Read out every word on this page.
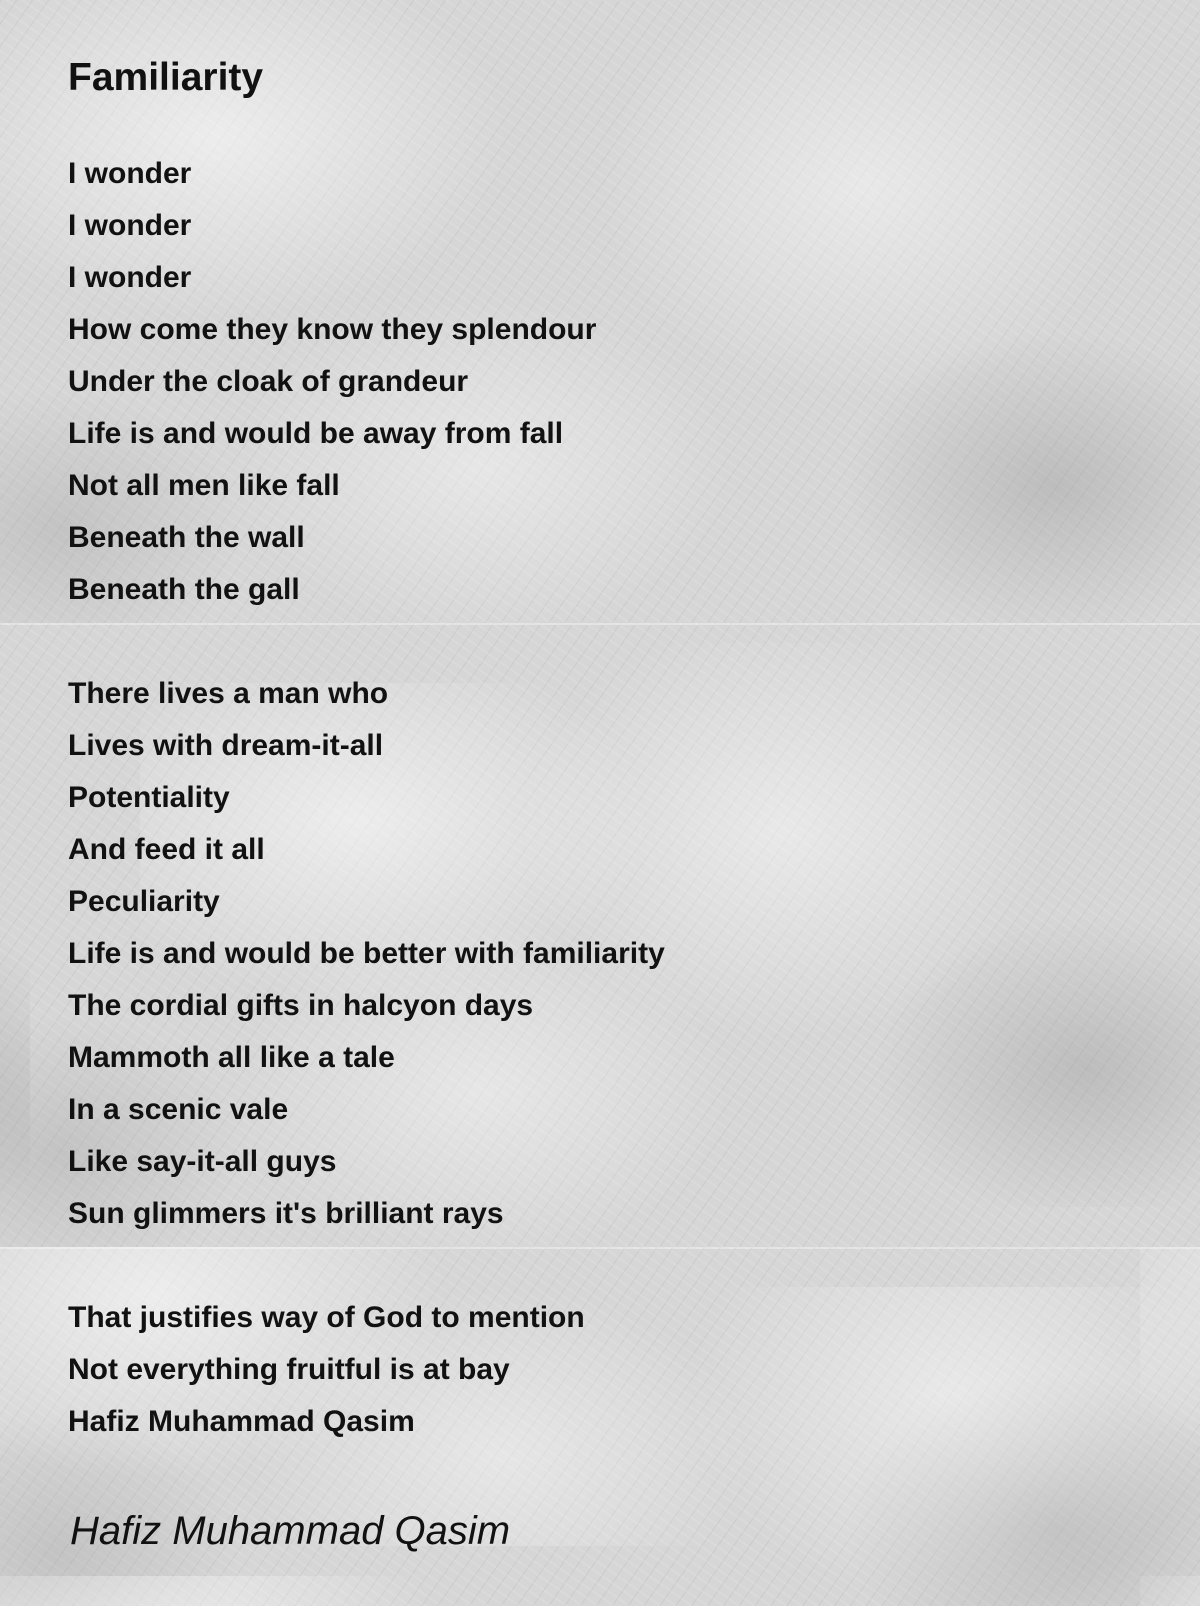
Familiarity
I wonder
I wonder
I wonder
How come they know they splendour
Under the cloak of grandeur
Life is and would be away from fall
Not all men like fall
Beneath the wall
Beneath the gall
There lives a man who
Lives with dream-it-all
Potentiality
And feed it all
Peculiarity
Life is and would be better with familiarity
The cordial gifts in halcyon days
Mammoth all like a tale
In a scenic vale
Like say-it-all guys
Sun glimmers it's brilliant rays
That justifies way of God to mention
Not everything fruitful is at bay
Hafiz Muhammad Qasim
Hafiz Muhammad Qasim
